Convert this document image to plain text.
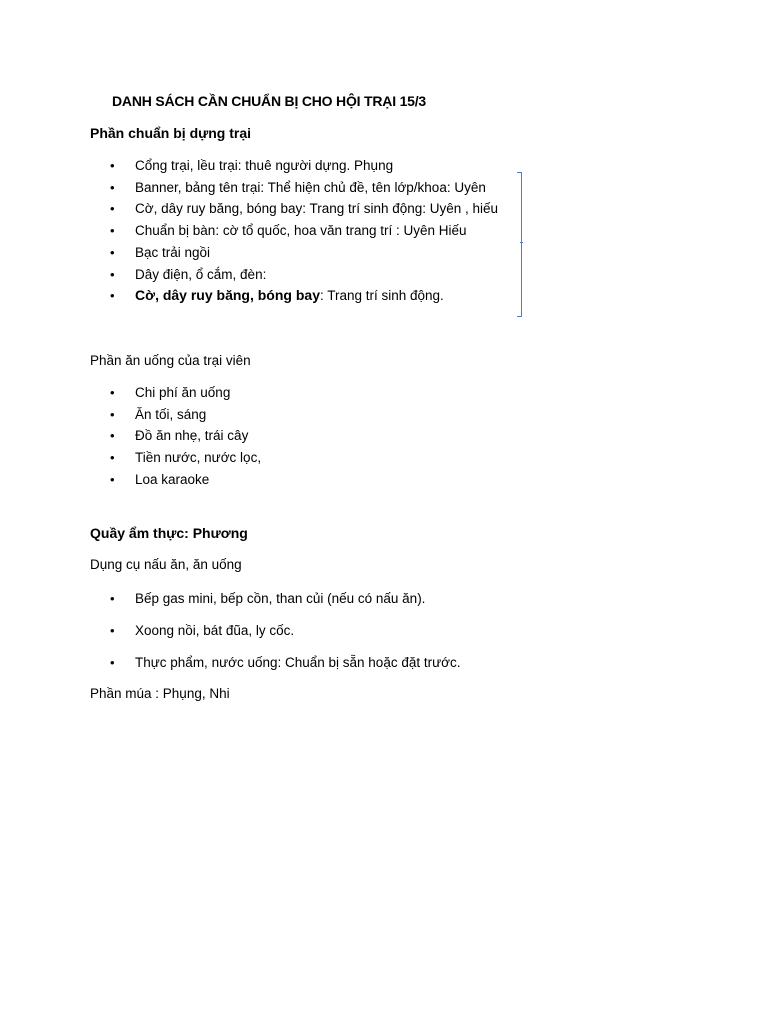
DANH SÁCH CẦN CHUẨN BỊ CHO HỘI TRẠI 15/3
Phần chuẩn bị dựng trại
• Cổng trại, lều trại: thuê người dựng. Phụng
• Banner, bảng tên trại: Thể hiện chủ đề, tên lớp/khoa: Uyên
• Cờ, dây ruy băng, bóng bay: Trang trí sinh động: Uyên , hiếu
• Chuẩn bị bàn: cờ tổ quốc, hoa văn trang trí : Uyên Hiếu
• Bạc trải ngồi
• Dây điện, ổ cắm, đèn:
• Cờ, dây ruy băng, bóng bay: Trang trí sinh động.
Phần ăn uống của trại viên
• Chi phí ăn uống
• Ăn tối, sáng
• Đồ ăn nhẹ, trái cây
• Tiền nước, nước lọc,
• Loa karaoke
Quầy ẩm thực: Phương
Dụng cụ nấu ăn, ăn uống
• Bếp gas mini, bếp cồn, than củi (nếu có nấu ăn).
• Xoong nồi, bát đũa, ly cốc.
• Thực phẩm, nước uống: Chuẩn bị sẵn hoặc đặt trước.
Phần múa : Phụng, Nhi
